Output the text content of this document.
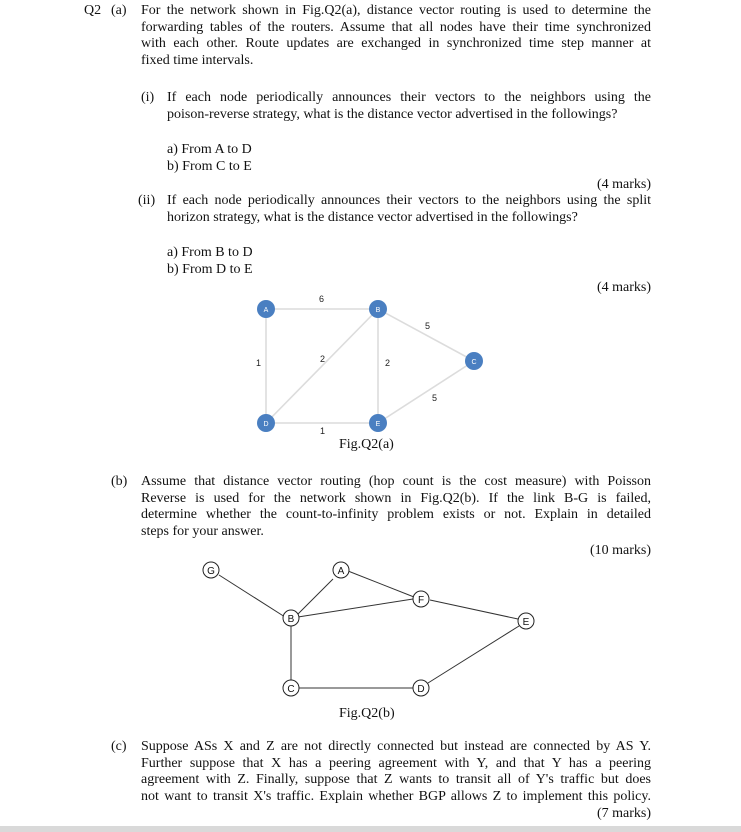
Q2 (a) For the network shown in Fig.Q2(a), distance vector routing is used to determine the
forwarding tables of the routers. Assume that all nodes have their time synchronized
with each other. Route updates are exchanged in synchronized time step manner at
fixed time intervals.
(i) If each node periodically announces their vectors to the neighbors using the
poison-reverse strategy, what is the distance vector advertised in the followings?
a) From A to D
b) From C to E
(4 marks)
(ii) If each node periodically announces their vectors to the neighbors using the split
horizon strategy, what is the distance vector advertised in the followings?
a) From B to D
b) From D to E
(4 marks)
6
5
1	2	2
5
1
A	B
C
D	E
G	A
F
B	E
C	D
Fig.Q2(a)
(b) Assume that distance vector routing (hop count is the cost measure) with Poisson
Reverse is used for the network shown in Fig.Q2(b). If the link B-G is failed,
determine whether the count-to-infinity problem exists or not. Explain in detailed
steps for your answer.
(10 marks)
Fig.Q2(b)
(c) Suppose ASs X and Z are not directly connected but instead are connected by AS Y.
Further suppose that X has a peering agreement with Y, and that Y has a peering
agreement with Z. Finally, suppose that Z wants to transit all of Y's traffic but does
not want to transit X's traffic. Explain whether BGP allows Z to implement this policy.
(7 marks)
